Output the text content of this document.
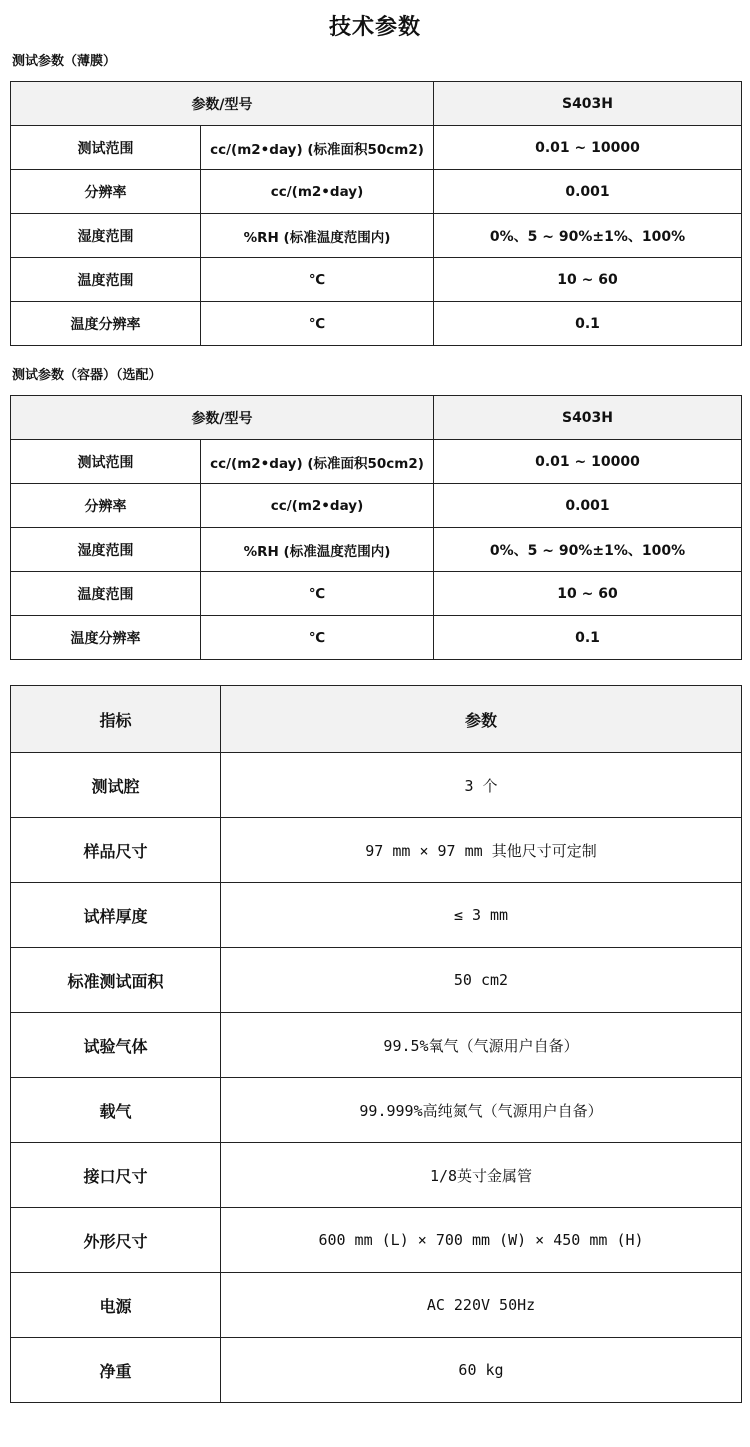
技术参数
测试参数（薄膜）
参数/型号		S403H
测试范围	cc/(m2•day) (标准面积50cm2)	0.01 ~ 10000
分辨率	cc/(m2•day)	0.001
湿度范围	%RH (标准温度范围内)	0%、5 ~ 90%±1%、100%
温度范围	℃	10 ~ 60
温度分辨率	℃	0.1
测试参数（容器）（选配）
参数/型号		S403H
测试范围	cc/(m2•day) (标准面积50cm2)	0.01 ~ 10000
分辨率	cc/(m2•day)	0.001
湿度范围	%RH (标准温度范围内)	0%、5 ~ 90%±1%、100%
温度范围	℃	10 ~ 60
温度分辨率	℃	0.1
指标	参数
测试腔	3 个
样品尺寸	97 mm × 97 mm 其他尺寸可定制
试样厚度	≤ 3 mm
标准测试面积	50 cm2
试验气体	99.5%氧气（气源用户自备）
载气	99.999%高纯氮气（气源用户自备）
接口尺寸	1/8英寸金属管
外形尺寸	600 mm (L) × 700 mm (W) × 450 mm (H)
电源	AC 220V 50Hz
净重	60 kg
